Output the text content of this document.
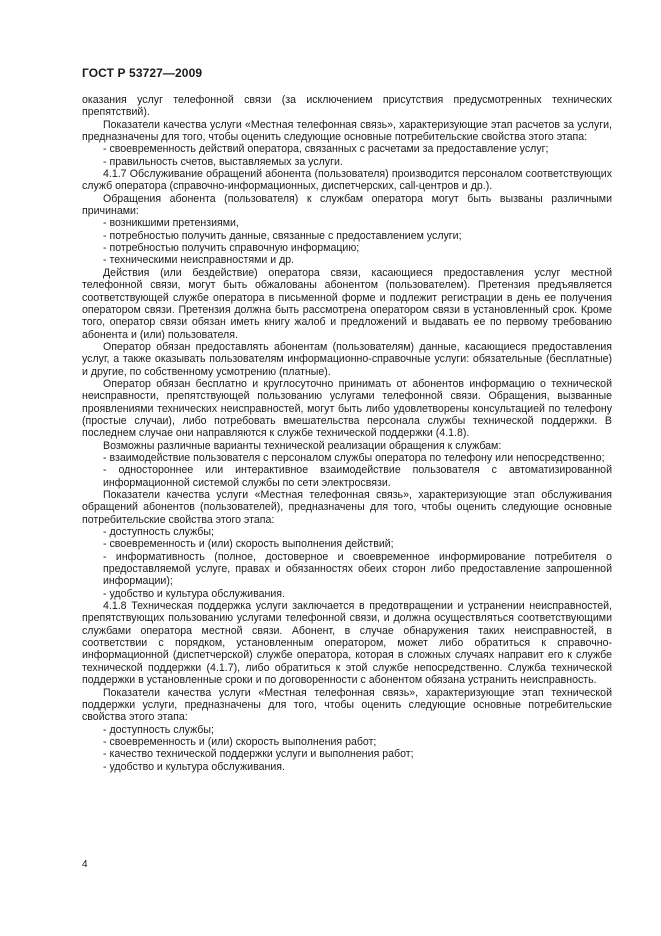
ГОСТ Р 53727—2009

оказания услуг телефонной связи (за исключением присутствия предусмотренных технических препятствий).

Показатели качества услуги «Местная телефонная связь», характеризующие этап расчетов за услуги, предназначены для того, чтобы оценить следующие основные потребительские свойства этого этапа:

- своевременность действий оператора, связанных с расчетами за предоставление услуг;

- правильность счетов, выставляемых за услуги.

4.1.7 Обслуживание обращений абонента (пользователя) производится персоналом соответствующих служб оператора (справочно-информационных, диспетчерских, call-центров и др.).

Обращения абонента (пользователя) к службам оператора могут быть вызваны различными причинами:

- возникшими претензиями,

- потребностью получить данные, связанные с предоставлением услуги;

- потребностью получить справочную информацию;

- техническими неисправностями и др.

Действия (или бездействие) оператора связи, касающиеся предоставления услуг местной телефонной связи, могут быть обжалованы абонентом (пользователем). Претензия предъявляется соответствующей службе оператора в письменной форме и подлежит регистрации в день ее получения оператором связи. Претензия должна быть рассмотрена оператором связи в установленный срок. Кроме того, оператор связи обязан иметь книгу жалоб и предложений и выдавать ее по первому требованию абонента и (или) пользователя.

Оператор обязан предоставлять абонентам (пользователям) данные, касающиеся предоставления услуг, а также оказывать пользователям информационно-справочные услуги: обязательные (бесплатные) и другие, по собственному усмотрению (платные).

Оператор обязан бесплатно и круглосуточно принимать от абонентов информацию о технической неисправности, препятствующей пользованию услугами телефонной связи. Обращения, вызванные проявлениями технических неисправностей, могут быть либо удовлетворены консультацией по телефону (простые случаи), либо потребовать вмешательства персонала службы технической поддержки. В последнем случае они направляются к службе технической поддержки (4.1.8).

Возможны различные варианты технической реализации обращения к службам:

- взаимодействие пользователя с персоналом службы оператора по телефону или непосредственно;

- одностороннее или интерактивное взаимодействие пользователя с автоматизированной информационной системой службы по сети электросвязи.

Показатели качества услуги «Местная телефонная связь», характеризующие этап обслуживания обращений абонентов (пользователей), предназначены для того, чтобы оценить следующие основные потребительские свойства этого этапа:

- доступность службы;

- своевременность и (или) скорость выполнения действий;

- информативность (полное, достоверное и своевременное информирование потребителя о предоставляемой услуге, правах и обязанностях обеих сторон либо предоставление запрошенной информации);

- удобство и культура обслуживания.

4.1.8 Техническая поддержка услуги заключается в предотвращении и устранении неисправностей, препятствующих пользованию услугами телефонной связи, и должна осуществляться соответствующими службами оператора местной связи. Абонент, в случае обнаружения таких неисправностей, в соответствии с порядком, установленным оператором, может либо обратиться к справочно-информационной (диспетчерской) службе оператора, которая в сложных случаях направит его к службе технической поддержки (4.1.7), либо обратиться к этой службе непосредственно. Служба технической поддержки в установленные сроки и по договоренности с абонентом обязана устранить неисправность.

Показатели качества услуги «Местная телефонная связь», характеризующие этап технической поддержки услуги, предназначены для того, чтобы оценить следующие основные потребительские свойства этого этапа:

- доступность службы;

- своевременность и (или) скорость выполнения работ;

- качество технической поддержки услуги и выполнения работ;

- удобство и культура обслуживания.

4
